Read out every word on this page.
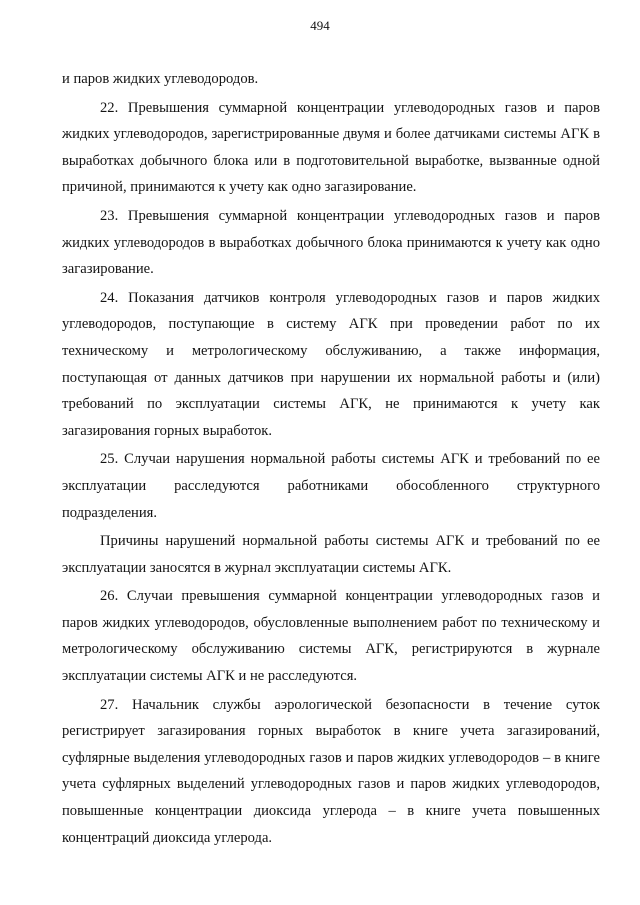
494

и паров жидких углеводородов.

22. Превышения суммарной концентрации углеводородных газов и паров жидких углеводородов, зарегистрированные двумя и более датчиками системы АГК в выработках добычного блока или в подготовительной выработке, вызванные одной причиной, принимаются к учету как одно загазирование.

23. Превышения суммарной концентрации углеводородных газов и паров жидких углеводородов в выработках добычного блока принимаются к учету как одно загазирование.

24. Показания датчиков контроля углеводородных газов и паров жидких углеводородов, поступающие в систему АГК при проведении работ по их техническому и метрологическому обслуживанию, а также информация, поступающая от данных датчиков при нарушении их нормальной работы и (или) требований по эксплуатации системы АГК, не принимаются к учету как загазирования горных выработок.

25. Случаи нарушения нормальной работы системы АГК и требований по ее эксплуатации расследуются работниками обособленного структурного подразделения.

Причины нарушений нормальной работы системы АГК и требований по ее эксплуатации заносятся в журнал эксплуатации системы АГК.

26. Случаи превышения суммарной концентрации углеводородных газов и паров жидких углеводородов, обусловленные выполнением работ по техническому и метрологическому обслуживанию системы АГК, регистрируются в журнале эксплуатации системы АГК и не расследуются.

27. Начальник службы аэрологической безопасности в течение суток регистрирует загазирования горных выработок в книге учета загазирований, суфлярные выделения углеводородных газов и паров жидких углеводородов – в книге учета суфлярных выделений углеводородных газов и паров жидких углеводородов, повышенные концентрации диоксида углерода – в книге учета повышенных концентраций диоксида углерода.
